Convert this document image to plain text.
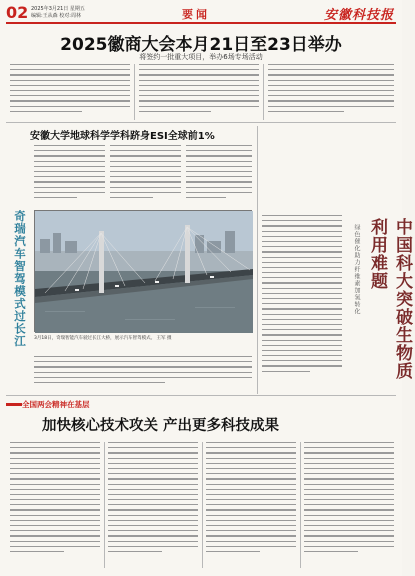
02 2025年3月21日 星期五
编辑:王从森 校对:周林	要闻	安徽科技报
2025徽商大会本月21日至23日举办
将签约一批重大项目，举办6场专场活动
安徽大学地球科学学科跻身ESI全球前1%
奇瑞汽车智驾模式过长江 3月18日，奇瑞智能汽车驶过长江大桥，展示汽车智驾模式。 王军 摄	中国科大突破生物质利用难题
绿色催化助力纤维素加氢转化
全国两会精神在基层
加快核心技术攻关 产出更多科技成果
